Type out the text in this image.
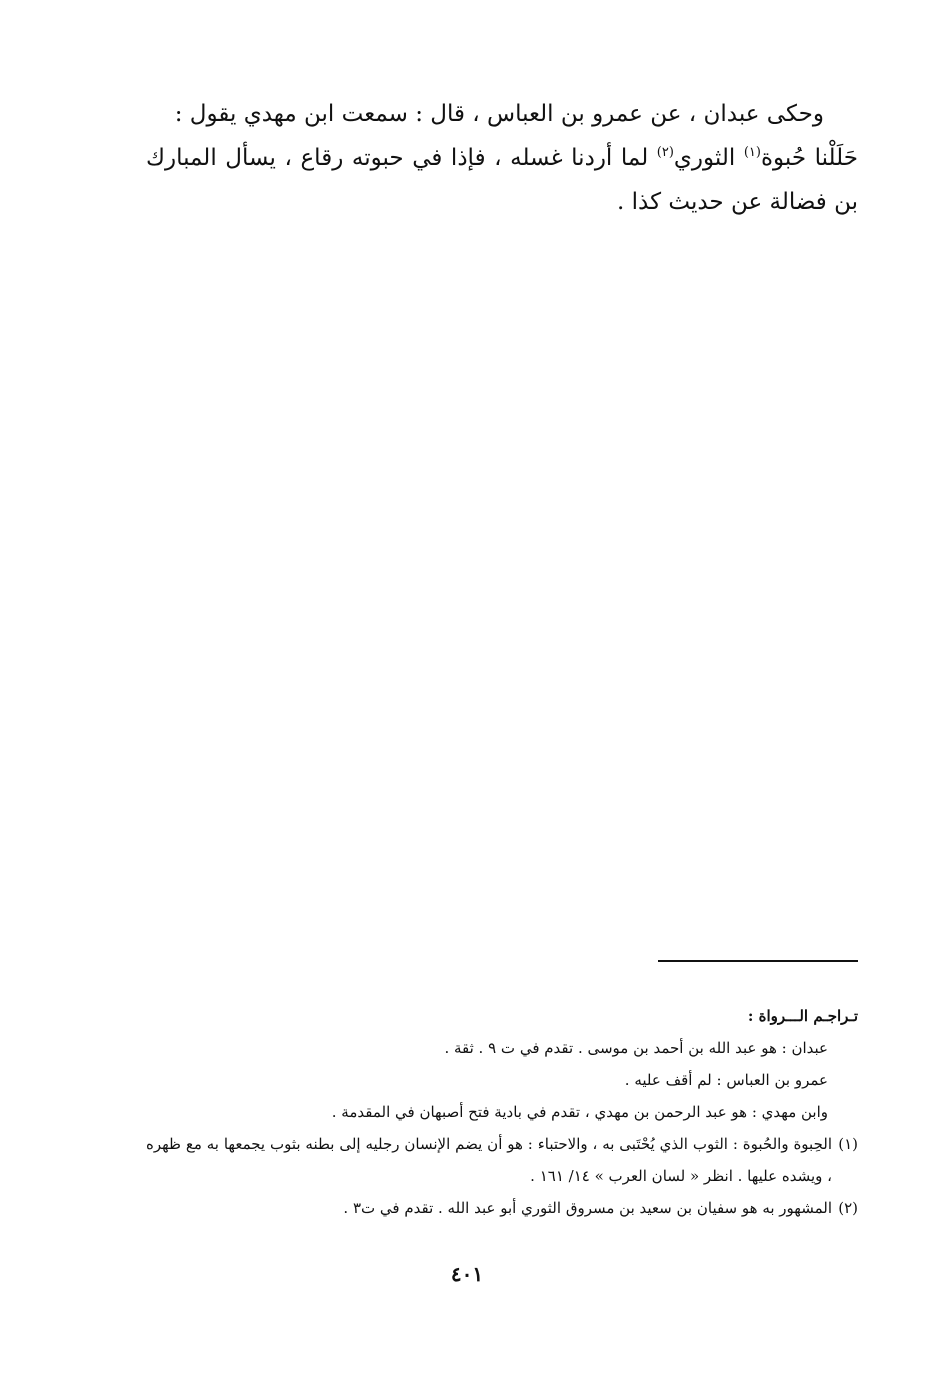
وحكى عبدان ، عن عمرو بن العباس ، قال : سمعت ابن مهدي يقول :

حَلَلْنا حُبوة$^{(١)}$ الثوري$^{(٢)}$ لما أردنا غسله ، فإذا في حبوته رقاع ، يسأل المبارك بن فضالة عن حديث كذا .

تـراجـم الـــرواة :

عبدان : هو عبد الله بن أحمد بن موسى . تقدم في ت ٩ . ثقة .

عمرو بن العباس : لم أقف عليه .

وابن مهدي : هو عبد الرحمن بن مهدي ، تقدم في بادية فتح أصبهان في المقدمة .

(١)
الحِبوة والحُبوة : الثوب الذي يُحْتَبى به ، والاحتباء : هو أن يضم الإنسان رجليه إلى بطنه بثوب يجمعها به مع ظهره ، ويشده عليها . انظر « لسان العرب » ١٤/ ١٦١ .
(٢)
المشهور به هو سفيان بن سعيد بن مسروق الثوري أبو عبد الله . تقدم في ت٣ .
٤٠١
